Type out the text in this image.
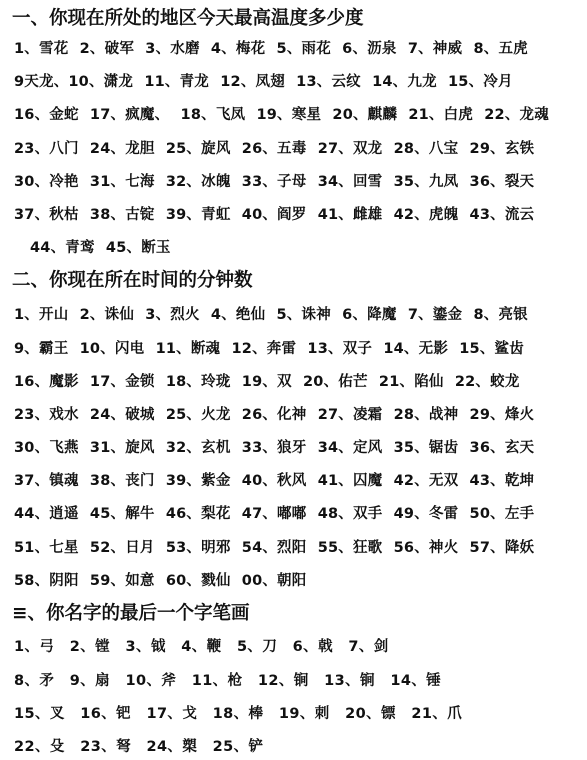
一、你现在所处的地区今天最高温度多少度

1、雪花 2、破军 3、水磨 4、梅花 5、雨花 6、沥泉 7、神威 8、五虎

9天龙、10、潇龙 11、青龙 12、凤翅 13、云纹 14、九龙 15、冷月

16、金蛇 17、疯魔、 18、飞凤 19、寒星 20、麒麟 21、白虎 22、龙魂

23、八门 24、龙胆 25、旋风 26、五毒 27、双龙 28、八宝 29、玄铁

30、冷艳 31、七海 32、冰魄 33、子母 34、回雪 35、九凤 36、裂天

37、秋枯 38、古锭 39、青虹 40、阎罗 41、雌雄 42、虎魄 43、流云

44、青鸾 45、断玉

二、你现在所在时间的分钟数

1、开山 2、诛仙 3、烈火 4、绝仙 5、诛神 6、降魔 7、鎏金 8、亮银

9、霸王 10、闪电 11、断魂 12、奔雷 13、双子 14、无影 15、鲨齿

16、魔影 17、金锁 18、玲珑 19、双 20、佑芒 21、陷仙 22、蛟龙

23、戏水 24、破城 25、火龙 26、化神 27、凌霜 28、战神 29、烽火

30、飞燕 31、旋风 32、玄机 33、狼牙 34、定风 35、锯齿 36、玄天

37、镇魂 38、丧门 39、紫金 40、秋风 41、囚魔 42、无双 43、乾坤

44、逍遥 45、解牛 46、梨花 47、嘟嘟 48、双手 49、冬雷 50、左手

51、七星 52、日月 53、明邪 54、烈阳 55、狂歌 56、神火 57、降妖

58、阴阳 59、如意 60、戮仙 00、朝阳

≡、你名字的最后一个字笔画

1、弓 2、镗 3、钺 4、鞭 5、刀 6、戟 7、剑

8、矛 9、扇 10、斧 11、枪 12、锏 13、锏 14、锤

15、叉 16、钯 17、戈 18、棒 19、刺 20、镖 21、爪

22、殳 23、弩 24、槊 25、铲
